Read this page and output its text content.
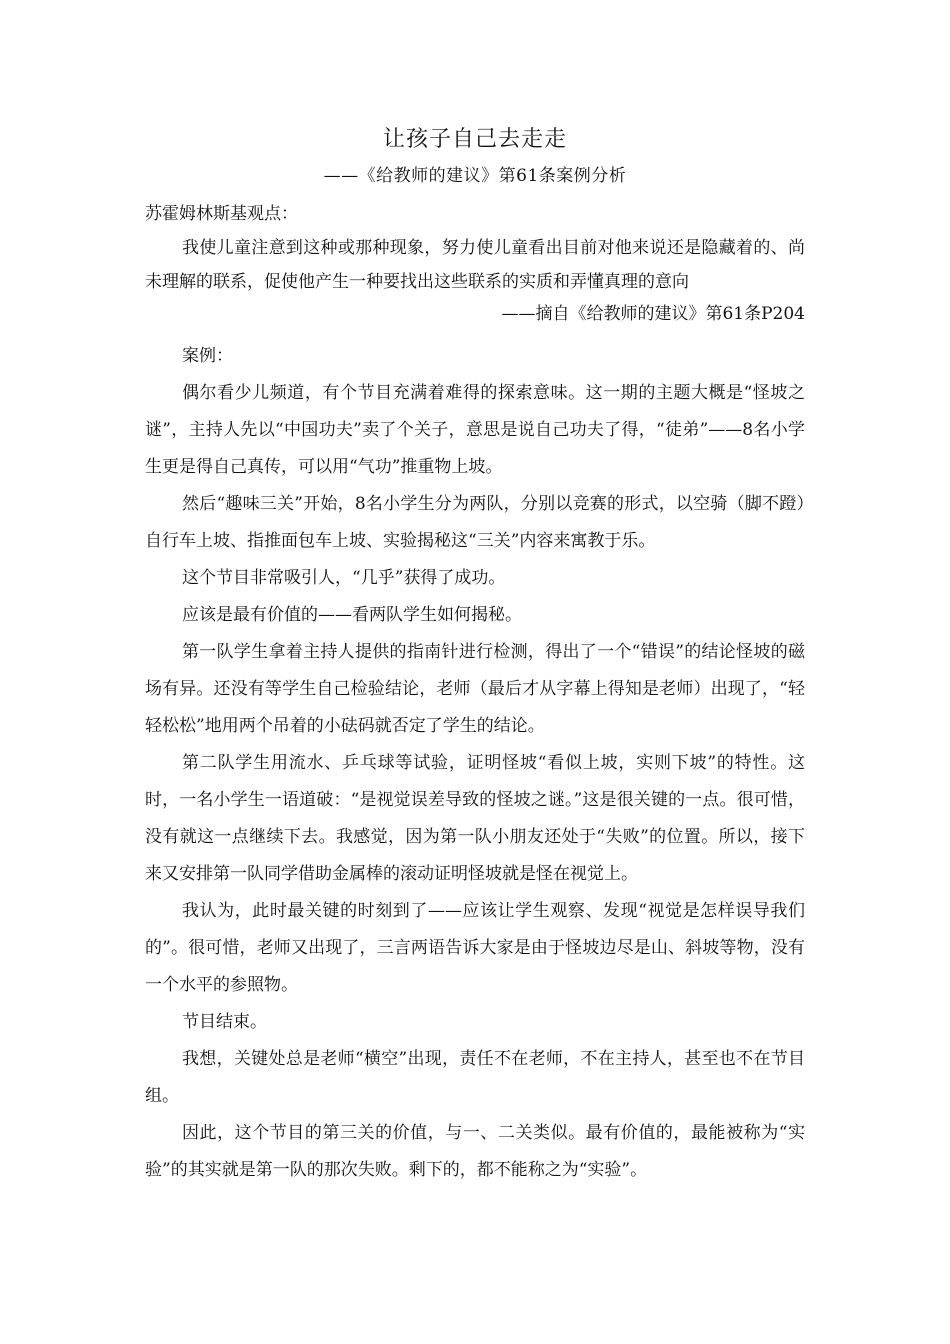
让孩子自己去走走
——《给教师的建议》第61条案例分析
苏霍姆林斯基观点：
我使儿童注意到这种或那种现象，努力使儿童看出目前对他来说还是隐藏着的、尚未理解的联系，促使他产生一种要找出这些联系的实质和弄懂真理的意向
——摘自《给教师的建议》第61条P204

案例：

偶尔看少儿频道，有个节目充满着难得的探索意味。这一期的主题大概是“怪坡之谜”，主持人先以“中国功夫”卖了个关子，意思是说自己功夫了得，“徒弟”——8名小学生更是得自己真传，可以用“气功”推重物上坡。

然后“趣味三关”开始，8名小学生分为两队，分别以竞赛的形式，以空骑（脚不蹬）自行车上坡、指推面包车上坡、实验揭秘这“三关”内容来寓教于乐。

这个节目非常吸引人，“几乎”获得了成功。

应该是最有价值的——看两队学生如何揭秘。

第一队学生拿着主持人提供的指南针进行检测，得出了一个“错误”的结论怪坡的磁场有异。还没有等学生自己检验结论，老师（最后才从字幕上得知是老师）出现了，“轻轻松松”地用两个吊着的小砝码就否定了学生的结论。

第二队学生用流水、乒乓球等试验，证明怪坡“看似上坡，实则下坡”的特性。这时，一名小学生一语道破：“是视觉误差导致的怪坡之谜。”这是很关键的一点。很可惜，没有就这一点继续下去。我感觉，因为第一队小朋友还处于“失败”的位置。所以，接下来又安排第一队同学借助金属棒的滚动证明怪坡就是怪在视觉上。

我认为，此时最关键的时刻到了——应该让学生观察、发现“视觉是怎样误导我们的”。很可惜，老师又出现了，三言两语告诉大家是由于怪坡边尽是山、斜坡等物，没有一个水平的参照物。

节目结束。

我想，关键处总是老师“横空”出现，责任不在老师，不在主持人，甚至也不在节目组。

因此，这个节目的第三关的价值，与一、二关类似。最有价值的，最能被称为“实验”的其实就是第一队的那次失败。剩下的，都不能称之为“实验”。
